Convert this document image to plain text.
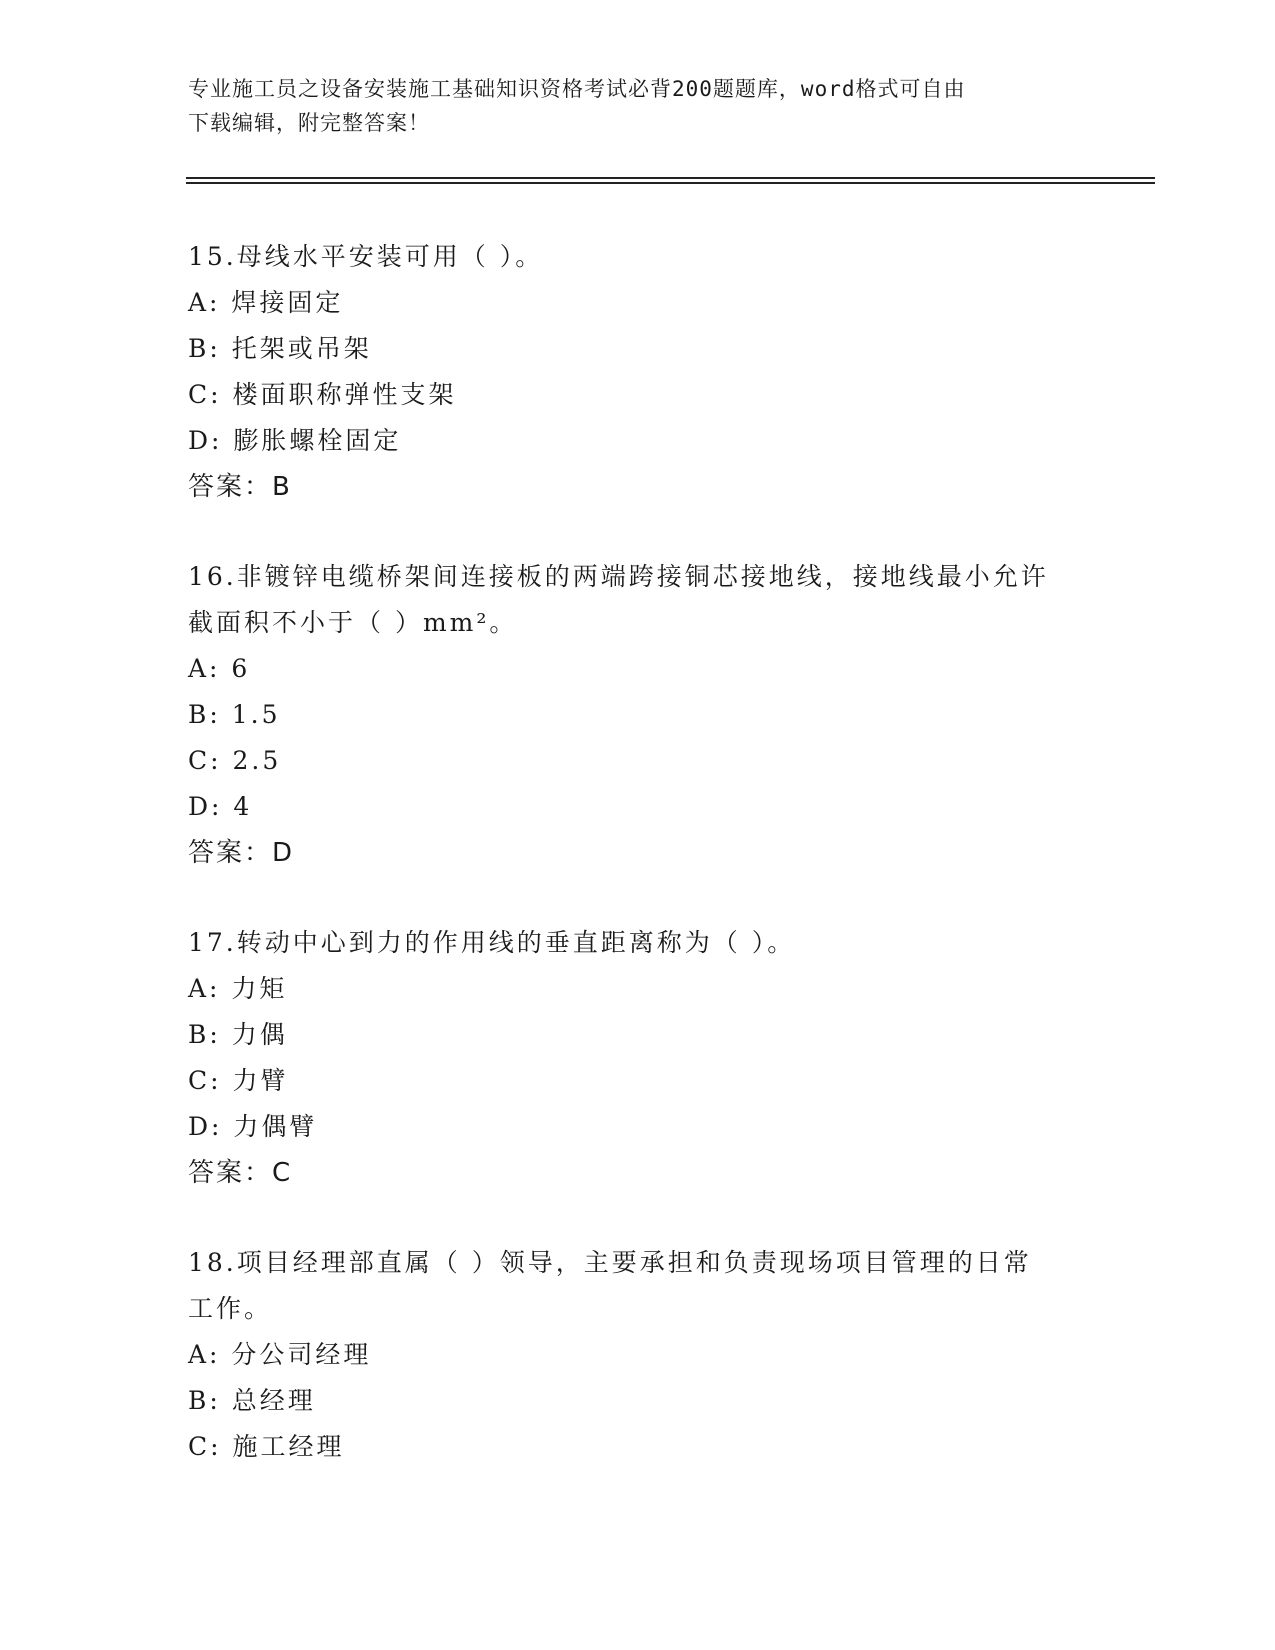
专业施工员之设备安装施工基础知识资格考试必背200题题库，word格式可自由
下载编辑，附完整答案！
15.母线水平安装可用（ ）。
A: 焊接固定
B: 托架或吊架
C: 楼面职称弹性支架
D: 膨胀螺栓固定
答案：B
16.非镀锌电缆桥架间连接板的两端跨接铜芯接地线，接地线最小允许
截面积不小于（ ）mm²。
A: 6
B: 1.5
C: 2.5
D: 4
答案：D
17.转动中心到力的作用线的垂直距离称为（ ）。
A: 力矩
B: 力偶
C: 力臂
D: 力偶臂
答案：C
18.项目经理部直属（ ）领导，主要承担和负责现场项目管理的日常
工作。
A: 分公司经理
B: 总经理
C: 施工经理
